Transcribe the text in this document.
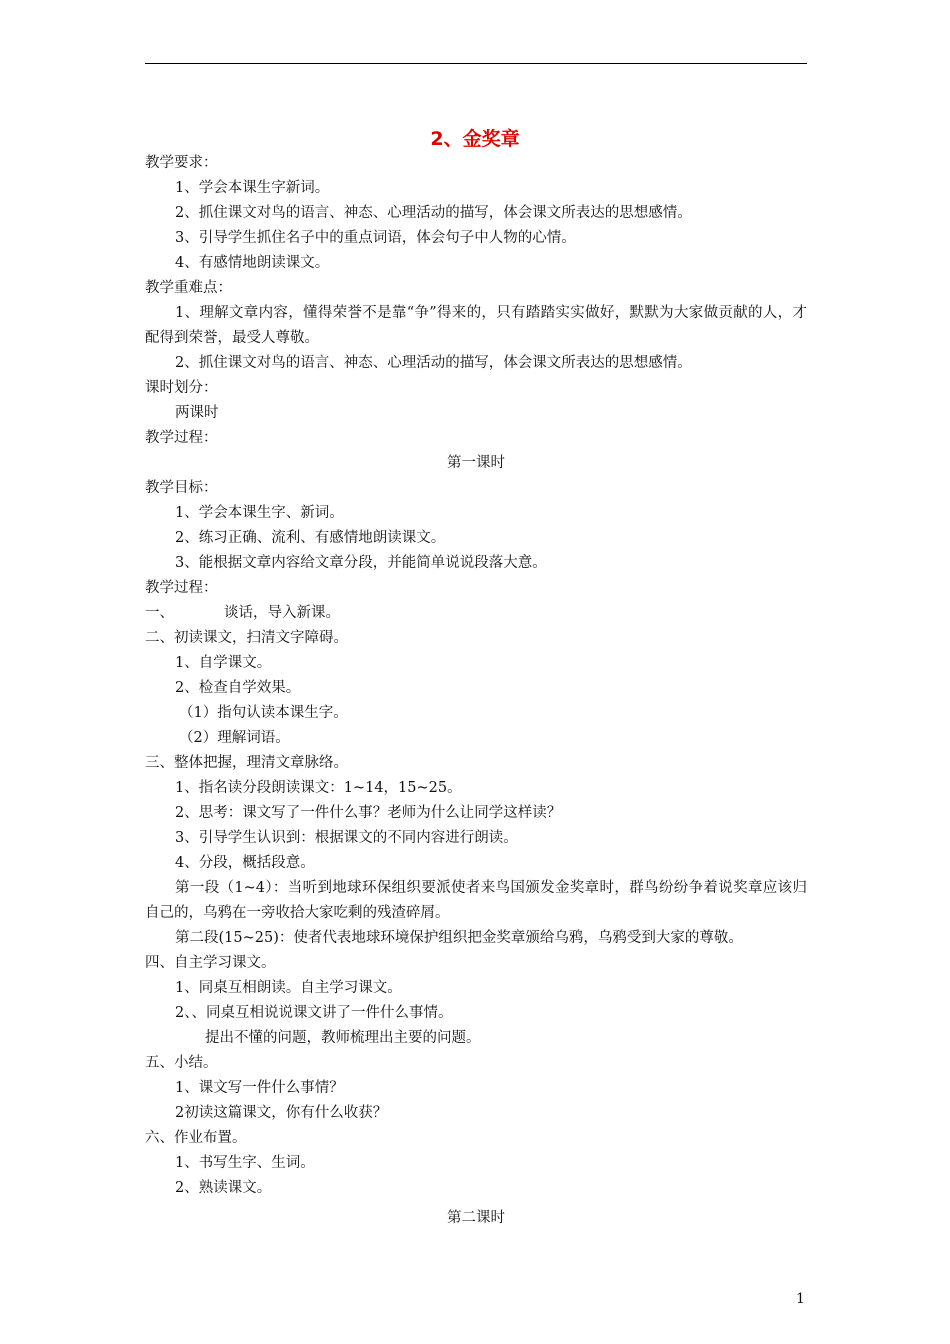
2、金奖章

教学要求：

1、学会本课生字新词。

2、抓住课文对鸟的语言、神态、心理活动的描写，体会课文所表达的思想感情。

3、引导学生抓住名子中的重点词语，体会句子中人物的心情。

4、有感情地朗读课文。

教学重难点：

1、理解文章内容，懂得荣誉不是靠“争”得来的，只有踏踏实实做好，默默为大家做贡献的人，才配得到荣誉，最受人尊敬。

2、抓住课文对鸟的语言、神态、心理活动的描写，体会课文所表达的思想感情。

课时划分：

两课时

教学过程：

第一课时

教学目标：

1、学会本课生字、新词。

2、练习正确、流利、有感情地朗读课文。

3、能根据文章内容给文章分段，并能简单说说段落大意。

教学过程：

一、	谈话，导入新课。

二、初读课文，扫清文字障碍。

1、自学课文。

2、检查自学效果。

（1）指句认读本课生字。

（2）理解词语。

三、整体把握，理清文章脉络。

1、指名读分段朗读课文：1~14，15~25。

2、思考：课文写了一件什么事？老师为什么让同学这样读？

3、引导学生认识到：根据课文的不同内容进行朗读。

4、分段，概括段意。

第一段（1~4）：当听到地球环保组织要派使者来鸟国颁发金奖章时，群鸟纷纷争着说奖章应该归自己的，乌鸦在一旁收拾大家吃剩的残渣碎屑。

第二段(15~25)：使者代表地球环境保护组织把金奖章颁给乌鸦，乌鸦受到大家的尊敬。

四、自主学习课文。

1、同桌互相朗读。自主学习课文。

2、、同桌互相说说课文讲了一件什么事情。

提出不懂的问题，教师梳理出主要的问题。

五、小结。

1、课文写一件什么事情？

2初读这篇课文，你有什么收获？

六、作业布置。

1、书写生字、生词。

2、熟读课文。

第二课时

1
